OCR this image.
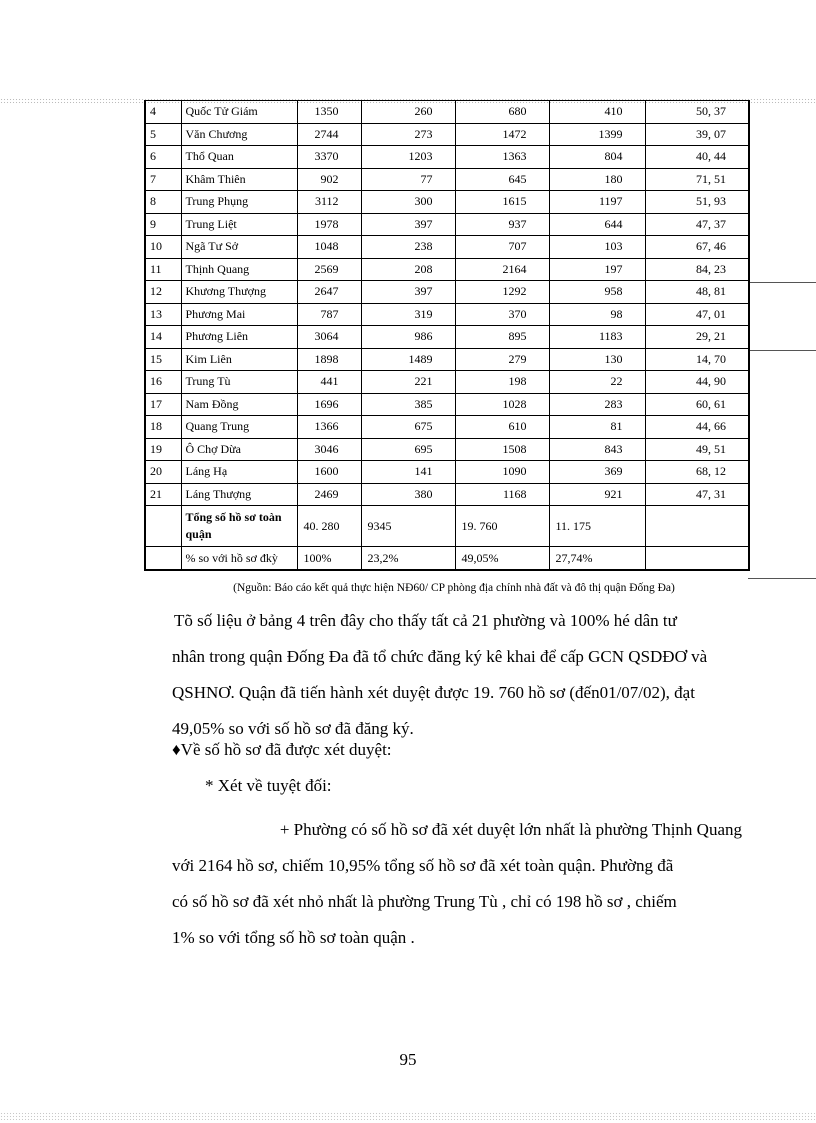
4	Quốc Tử Giám	1350	260	680	410	50, 37
5	Văn Chương	2744	273	1472	1399	39, 07
6	Thổ Quan	3370	1203	1363	804	40, 44
7	Khâm Thiên	902	77	645	180	71, 51
8	Trung Phụng	3112	300	1615	1197	51, 93
9	Trung Liệt	1978	397	937	644	47, 37
10	Ngã Tư Sở	1048	238	707	103	67, 46
11	Thịnh Quang	2569	208	2164	197	84, 23
12	Khương Thượng	2647	397	1292	958	48, 81
13	Phương Mai	787	319	370	98	47, 01
14	Phương Liên	3064	986	895	1183	29, 21
15	Kim Liên	1898	1489	279	130	14, 70
16	Trung Tù	441	221	198	22	44, 90
17	Nam Đồng	1696	385	1028	283	60, 61
18	Quang Trung	1366	675	610	81	44, 66
19	Ô Chợ Dừa	3046	695	1508	843	49, 51
20	Láng Hạ	1600	141	1090	369	68, 12
21	Láng Thượng	2469	380	1168	921	47, 31
	Tổng số hồ sơ toàn quận	40. 280	9345	19. 760	11. 175	
	% so với hồ sơ đkỳ	100%	23,2%	49,05%	27,74%	
(Nguồn: Báo cáo kết quả thực hiện NĐ60/ CP phòng địa chính nhà đất và đô thị quận Đống Đa)
Tõ số liệu ở bảng 4 trên đây cho thấy tất cả 21 phường và 100% hé dân tư
nhân trong quận Đống Đa đã tổ chức đăng ký kê khai để cấp GCN QSDĐƠ và
QSHNƠ. Quận đã tiến hành xét duyệt được 19. 760 hồ sơ (đến01/07/02), đạt
49,05% so với số hồ sơ đã đăng ký.
♦Về số hồ sơ đã được xét duyệt:
* Xét về tuyệt đối:
+ Phường có số hồ sơ đã xét duyệt lớn nhất là phường Thịnh Quang
với 2164 hồ sơ, chiếm 10,95% tổng số hồ sơ đã xét toàn quận. Phường đã
có số hồ sơ đã xét nhỏ nhất là phường Trung Tù , chỉ có 198 hồ sơ , chiếm
1% so với tổng số hồ sơ toàn quận .
95
